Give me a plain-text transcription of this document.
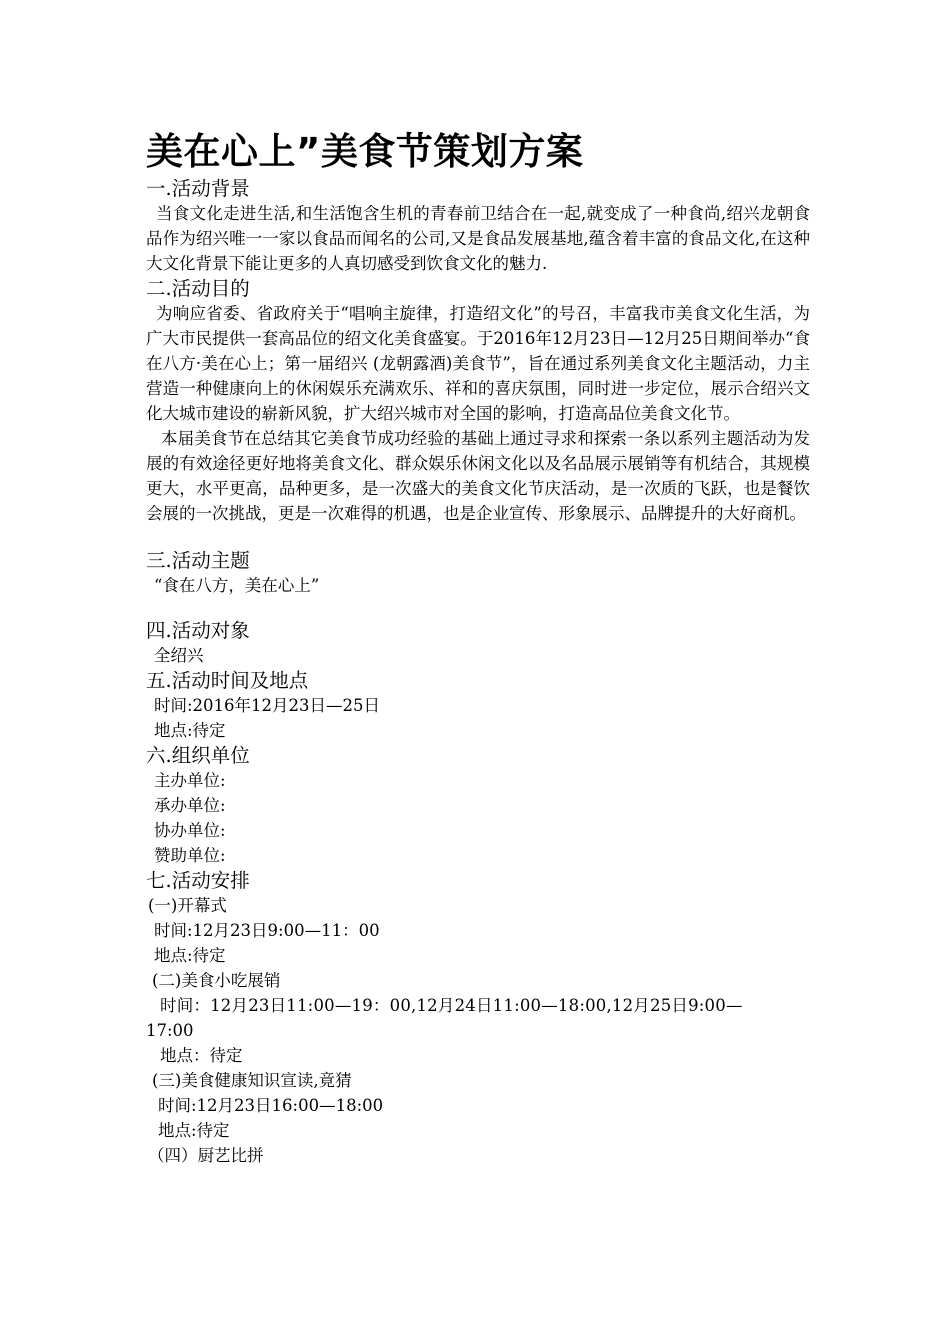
美在心上”美食节策划方案
一.活动背景

当食文化走进生活,和生活饱含生机的青春前卫结合在一起,就变成了一种食尚,绍兴龙朝食品作为绍兴唯一一家以食品而闻名的公司,又是食品发展基地,蕴含着丰富的食品文化,在这种大文化背景下能让更多的人真切感受到饮食文化的魅力.

二.活动目的

为响应省委、省政府关于“唱响主旋律，打造绍文化”的号召，丰富我市美食文化生活，为广大市民提供一套高品位的绍文化美食盛宴。于2016年12月23日—12月25日期间举办“食在八方·美在心上；第一届绍兴 (龙朝露酒)美食节”，旨在通过系列美食文化主题活动，力主营造一种健康向上的休闲娱乐充满欢乐、祥和的喜庆氛围，同时进一步定位，展示合绍兴文化大城市建设的崭新风貌，扩大绍兴城市对全国的影响，打造高品位美食文化节。

本届美食节在总结其它美食节成功经验的基础上通过寻求和探索一条以系列主题活动为发展的有效途径更好地将美食文化、群众娱乐休闲文化以及名品展示展销等有机结合，其规模更大，水平更高，品种更多，是一次盛大的美食文化节庆活动，是一次质的飞跃，也是餐饮会展的一次挑战，更是一次难得的机遇，也是企业宣传、形象展示、品牌提升的大好商机。

三.活动主题
“食在八方，美在心上”
四.活动对象
全绍兴
五.活动时间及地点
时间:2016年12月23日—25日
地点:待定
六.组织单位
主办单位:
承办单位:
协办单位:
赞助单位:
七.活动安排
(一)开幕式
时间:12月23日9:00—11：00
地点:待定
(二)美食小吃展销
时间：12月23日11:00—19：00,12月24日11:00—18:00,12月25日9:00—
17:00
地点：待定
(三)美食健康知识宣读,竟猜
时间:12月23日16:00—18:00
地点:待定
（四）厨艺比拼
